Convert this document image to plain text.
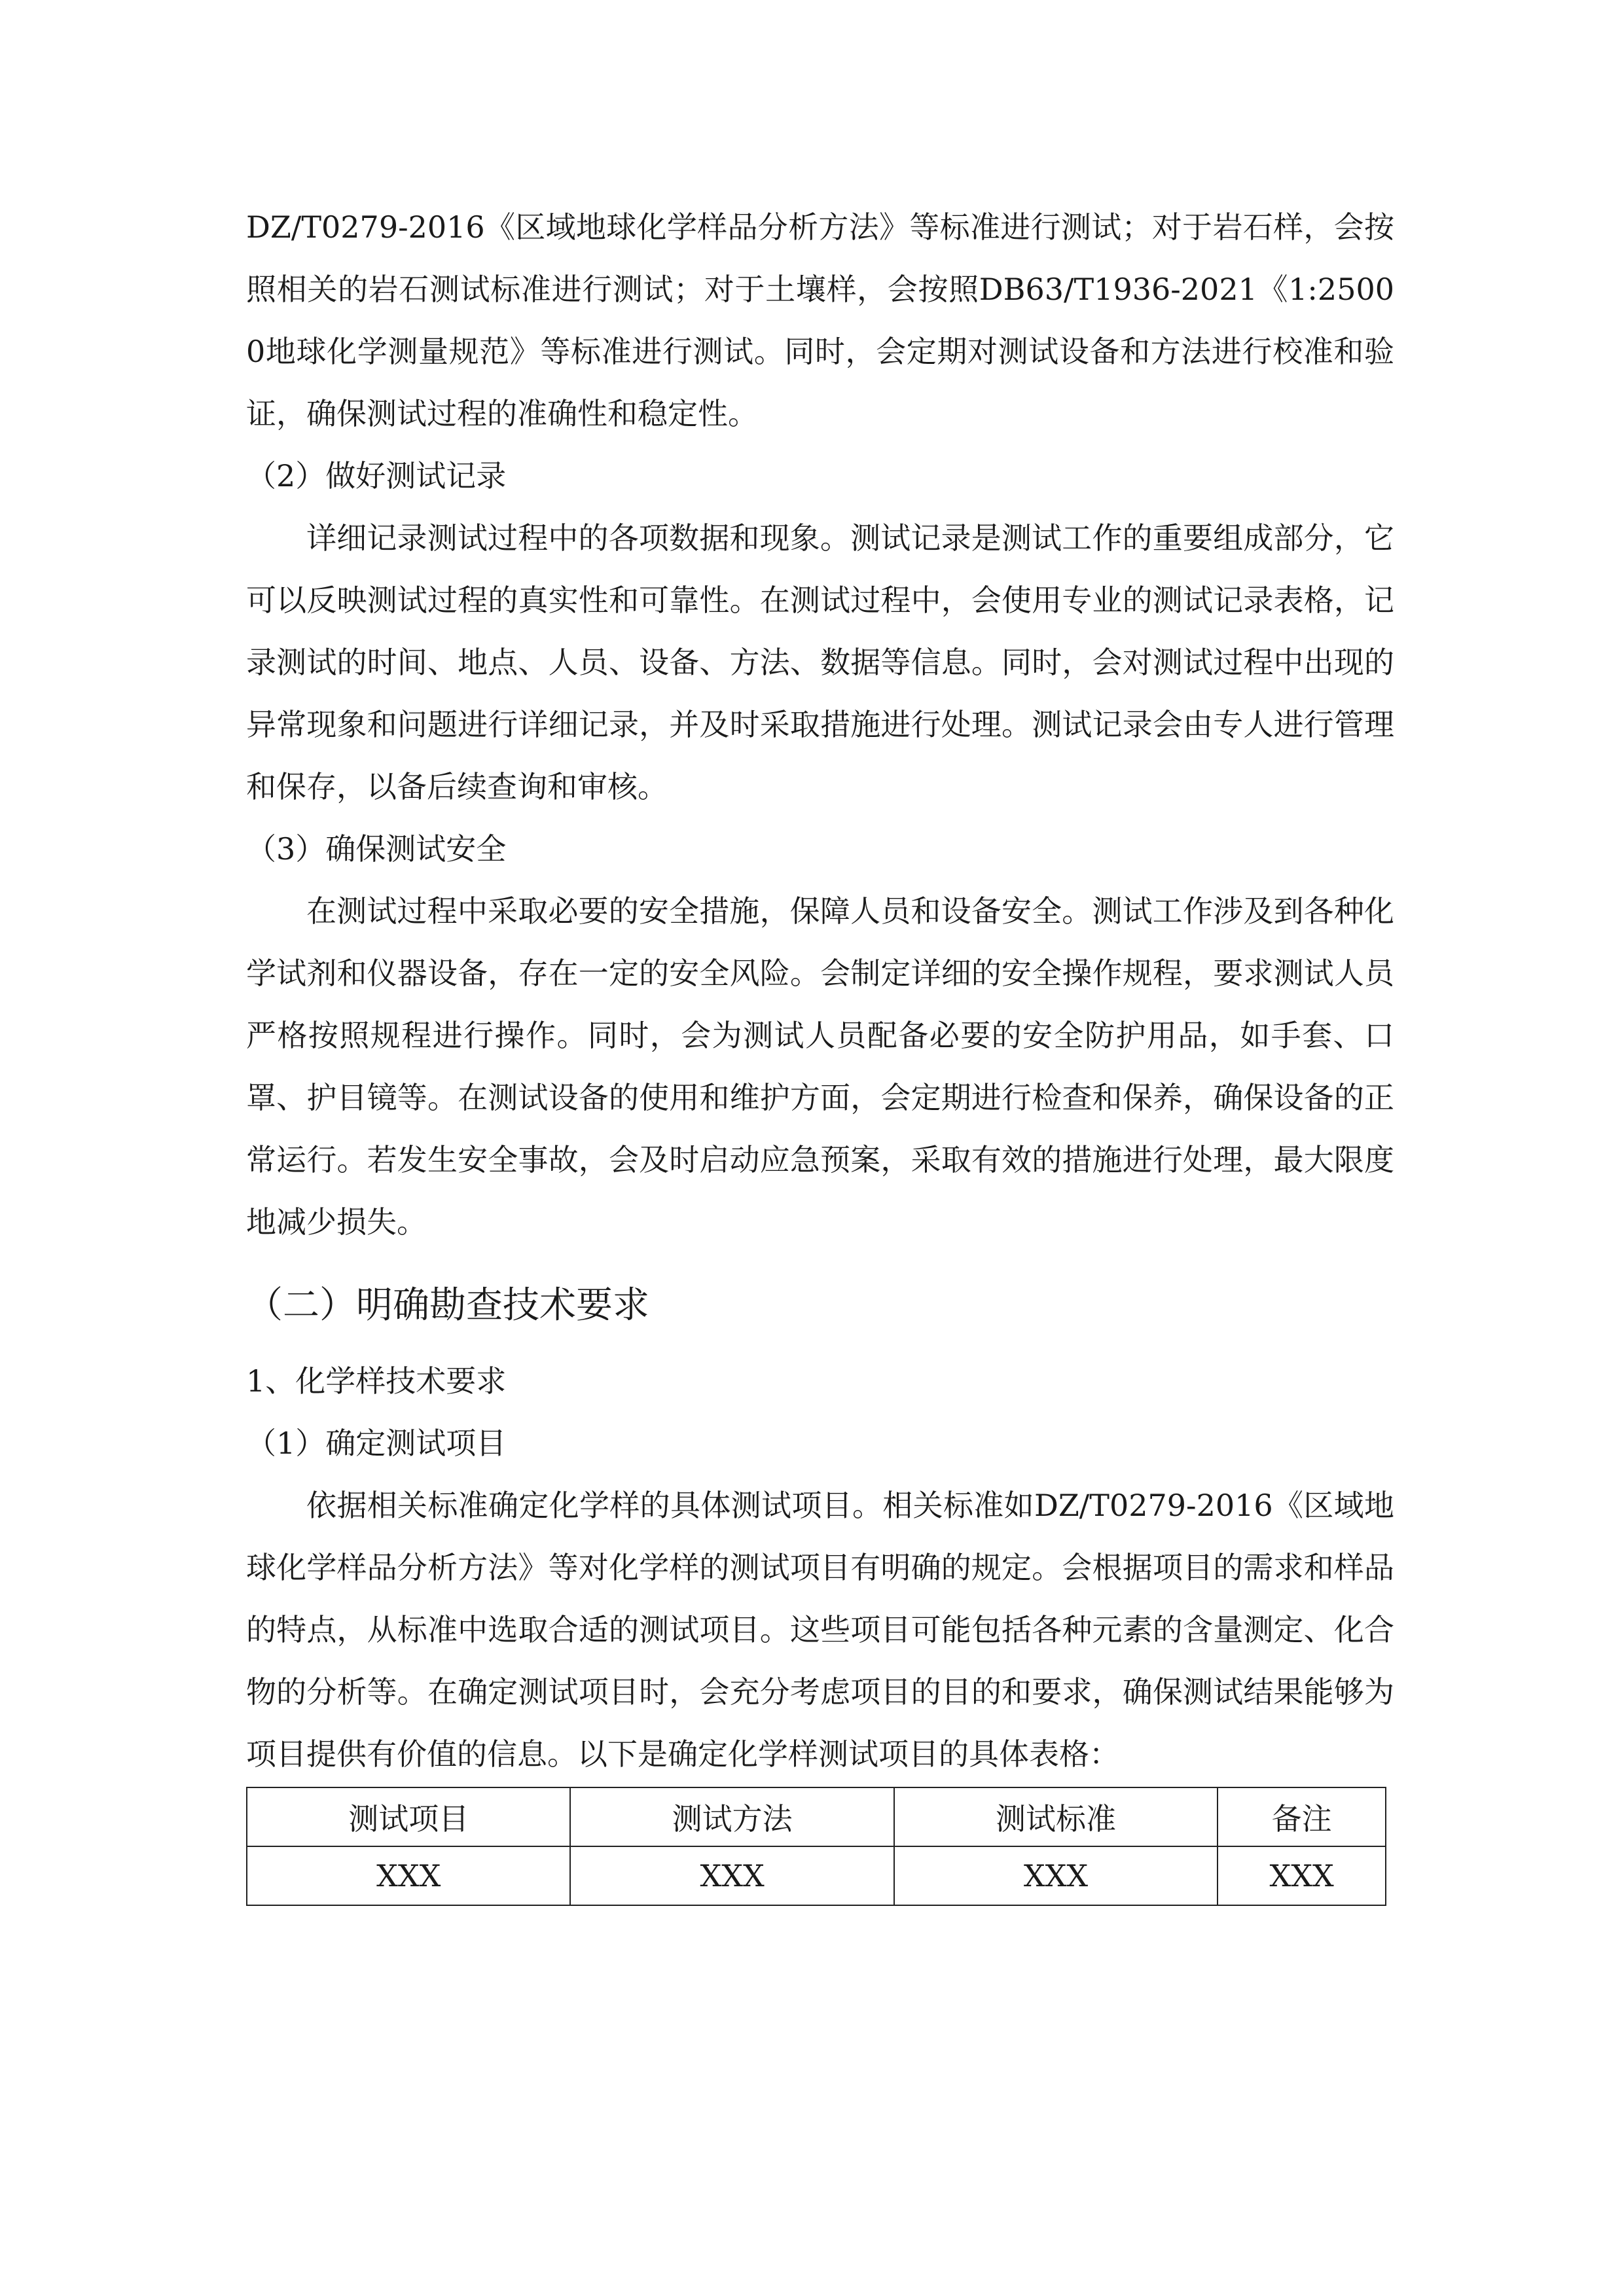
DZ/T0279-2016《区域地球化学样品分析方法》等标准进行测试；对于岩石样，会按照相关的岩石测试标准进行测试；对于土壤样，会按照DB63/T1936-2021《1:25000地球化学测量规范》等标准进行测试。同时，会定期对测试设备和方法进行校准和验证，确保测试过程的准确性和稳定性。

（2）做好测试记录

详细记录测试过程中的各项数据和现象。测试记录是测试工作的重要组成部分，它可以反映测试过程的真实性和可靠性。在测试过程中，会使用专业的测试记录表格，记录测试的时间、地点、人员、设备、方法、数据等信息。同时，会对测试过程中出现的异常现象和问题进行详细记录，并及时采取措施进行处理。测试记录会由专人进行管理和保存，以备后续查询和审核。

（3）确保测试安全

在测试过程中采取必要的安全措施，保障人员和设备安全。测试工作涉及到各种化学试剂和仪器设备，存在一定的安全风险。会制定详细的安全操作规程，要求测试人员严格按照规程进行操作。同时，会为测试人员配备必要的安全防护用品，如手套、口罩、护目镜等。在测试设备的使用和维护方面，会定期进行检查和保养，确保设备的正常运行。若发生安全事故，会及时启动应急预案，采取有效的措施进行处理，最大限度地减少损失。

（二）明确勘查技术要求
1、化学样技术要求
（1）确定测试项目

依据相关标准确定化学样的具体测试项目。相关标准如DZ/T0279-2016《区域地球化学样品分析方法》等对化学样的测试项目有明确的规定。会根据项目的需求和样品的特点，从标准中选取合适的测试项目。这些项目可能包括各种元素的含量测定、化合物的分析等。在确定测试项目时，会充分考虑项目的目的和要求，确保测试结果能够为项目提供有价值的信息。以下是确定化学样测试项目的具体表格：

测试项目	测试方法	测试标准	备注
XXX	XXX	XXX	XXX
